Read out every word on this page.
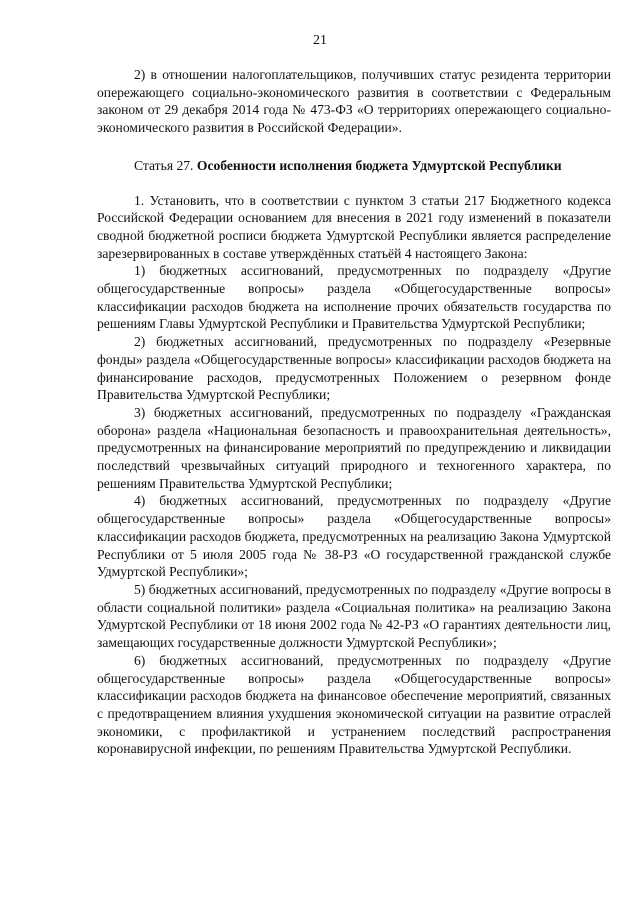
21

2) в отношении налогоплательщиков, получивших статус резидента территории опережающего социально-экономического развития в соответствии с Федеральным законом от 29 декабря 2014 года № 473-ФЗ «О территориях опережающего социально-экономического развития в Российской Федерации».

Статья 27. Особенности исполнения бюджета Удмуртской Республики

1. Установить, что в соответствии с пунктом 3 статьи 217 Бюджетного кодекса Российской Федерации основанием для внесения в 2021 году изменений в показатели сводной бюджетной росписи бюджета Удмуртской Республики является распределение зарезервированных в составе утверждённых статьёй 4 настоящего Закона:

1) бюджетных ассигнований, предусмотренных по подразделу «Другие общегосударственные вопросы» раздела «Общегосударственные вопросы» классификации расходов бюджета на исполнение прочих обязательств государства по решениям Главы Удмуртской Республики и Правительства Удмуртской Республики;

2) бюджетных ассигнований, предусмотренных по подразделу «Резервные фонды» раздела «Общегосударственные вопросы» классификации расходов бюджета на финансирование расходов, предусмотренных Положением о резервном фонде Правительства Удмуртской Республики;

3) бюджетных ассигнований, предусмотренных по подразделу «Гражданская оборона» раздела «Национальная безопасность и правоохранительная деятельность», предусмотренных на финансирование мероприятий по предупреждению и ликвидации последствий чрезвычайных ситуаций природного и техногенного характера, по решениям Правительства Удмуртской Республики;

4) бюджетных ассигнований, предусмотренных по подразделу «Другие общегосударственные вопросы» раздела «Общегосударственные вопросы» классификации расходов бюджета, предусмотренных на реализацию Закона Удмуртской Республики от 5 июля 2005 года № 38-РЗ «О государственной гражданской службе Удмуртской Республики»;

5) бюджетных ассигнований, предусмотренных по подразделу «Другие вопросы в области социальной политики» раздела «Социальная политика» на реализацию Закона Удмуртской Республики от 18 июня 2002 года № 42-РЗ «О гарантиях деятельности лиц, замещающих государственные должности Удмуртской Республики»;

6) бюджетных ассигнований, предусмотренных по подразделу «Другие общегосударственные вопросы» раздела «Общегосударственные вопросы» классификации расходов бюджета на финансовое обеспечение мероприятий, связанных с предотвращением влияния ухудшения экономической ситуации на развитие отраслей экономики, с профилактикой и устранением последствий распространения коронавирусной инфекции, по решениям Правительства Удмуртской Республики.
